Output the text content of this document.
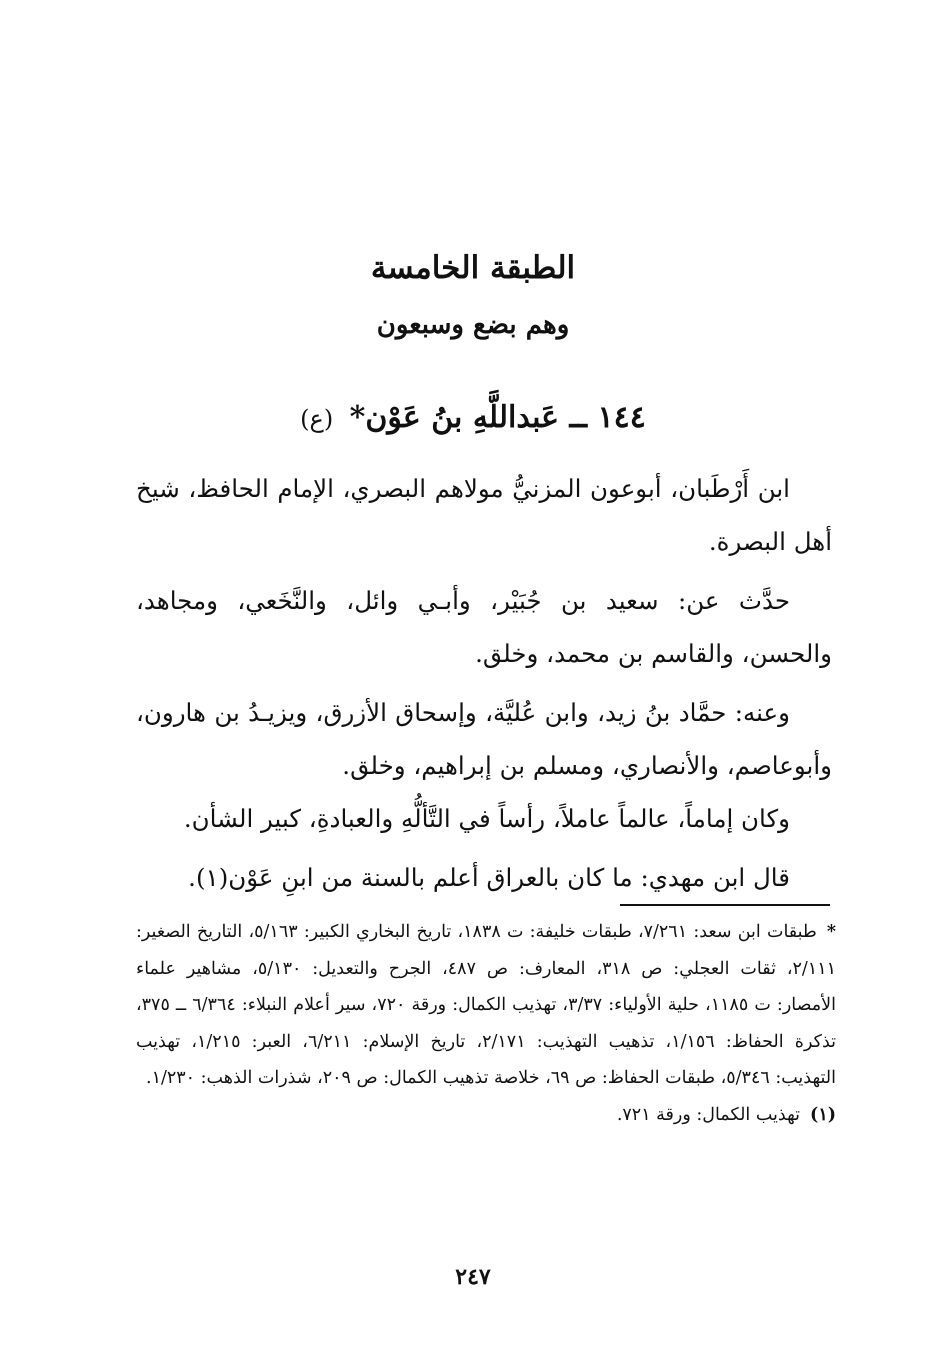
الطبقة الخامسة
وهم بضع وسبعون
١٤٤ ــ عَبداللَّهِ بنُ عَوْن* (ع)

ابن أَرْطَبان، أبوعون المزنيُّ مولاهم البصري، الإمام الحافظ، شيخ أهل البصرة.

حدَّث عن: سعيد بن جُبَيْر، وأبـي وائل، والنَّخَعي، ومجاهد، والحسن، والقاسم بن محمد، وخلق.

وعنه: حمَّاد بنُ زيد، وابن عُليَّة، وإسحاق الأزرق، ويزيـدُ بن هارون، وأبوعاصم، والأنصاري، ومسلم بن إبراهيم، وخلق.

وكان إماماً، عالماً عاملاً، رأساً في التَّألُّهِ والعبادةِ، كبير الشأن.

قال ابن مهدي: ما كان بالعراق أعلم بالسنة من ابنِ عَوْن(١).

*طبقات ابن سعد: ٧/٢٦١، طبقات خليفة: ت ١٨٣٨، تاريخ البخاري الكبير: ٥/١٦٣، التاريخ الصغير: ٢/١١١، ثقات العجلي: ص ٣١٨، المعارف: ص ٤٨٧، الجرح والتعديل: ٥/١٣٠، مشاهير علماء الأمصار: ت ١١٨٥، حلية الأولياء: ٣/٣٧، تهذيب الكمال: ورقة ٧٢٠، سير أعلام النبلاء: ٦/٣٦٤ ــ ٣٧٥، تذكرة الحفاظ: ١/١٥٦، تذهيب التهذيب: ٢/١٧١، تاريخ الإسلام: ٦/٢١١، العبر: ١/٢١٥، تهذيب التهذيب: ٥/٣٤٦، طبقات الحفاظ: ص ٦٩، خلاصة تذهيب الكمال: ص ٢٠٩، شذرات الذهب: ١/٢٣٠.

(١)تهذيب الكمال: ورقة ٧٢١.

٢٤٧
